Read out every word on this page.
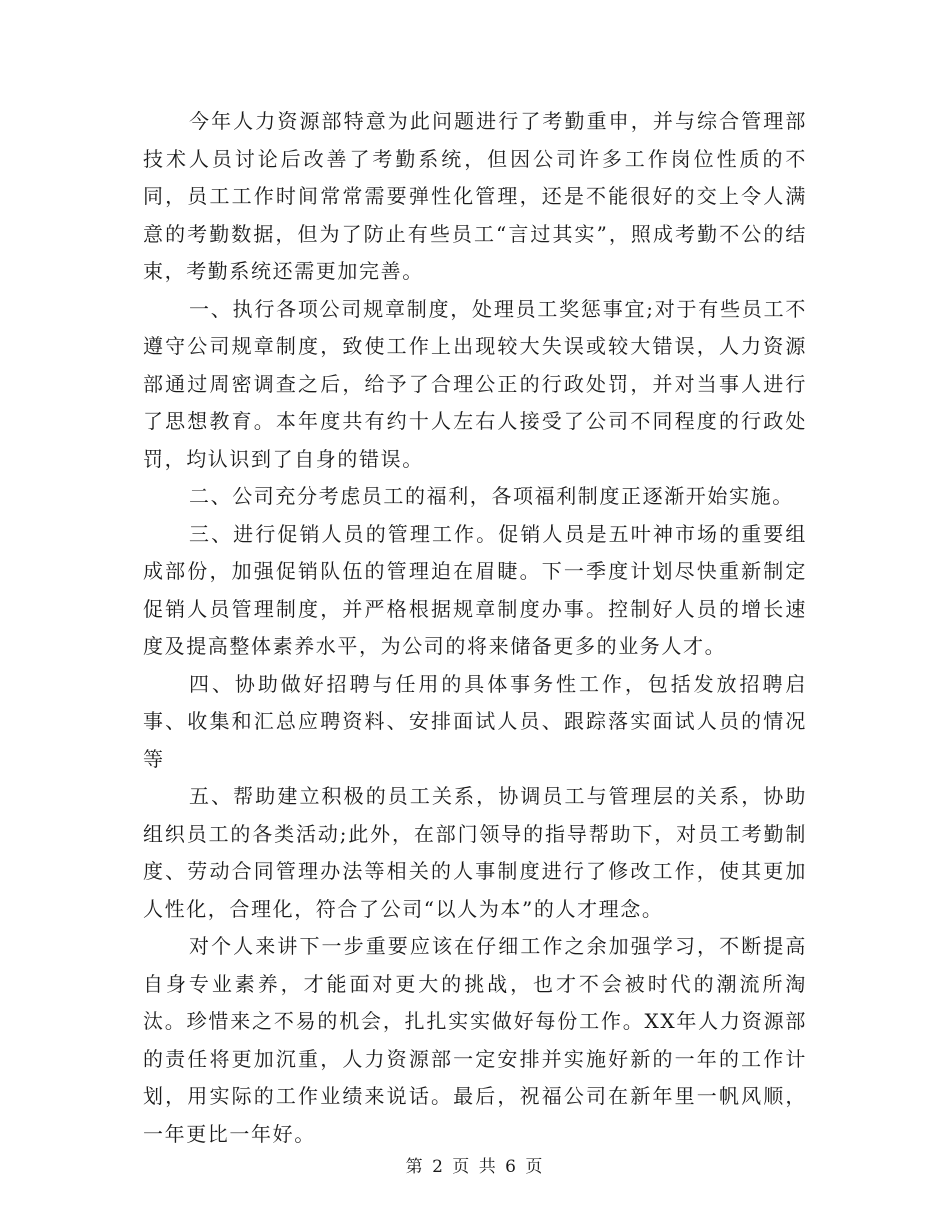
今年人力资源部特意为此问题进行了考勤重申，并与综合管理部技术人员讨论后改善了考勤系统，但因公司许多工作岗位性质的不同，员工工作时间常常需要弹性化管理，还是不能很好的交上令人满意的考勤数据，但为了防止有些员工“言过其实”，照成考勤不公的结束，考勤系统还需更加完善。

一、执行各项公司规章制度，处理员工奖惩事宜;对于有些员工不遵守公司规章制度，致使工作上出现较大失误或较大错误，人力资源部通过周密调查之后，给予了合理公正的行政处罚，并对当事人进行了思想教育。本年度共有约十人左右人接受了公司不同程度的行政处罚，均认识到了自身的错误。

二、公司充分考虑员工的福利，各项福利制度正逐渐开始实施。

三、进行促销人员的管理工作。促销人员是五叶神市场的重要组成部份，加强促销队伍的管理迫在眉睫。下一季度计划尽快重新制定促销人员管理制度，并严格根据规章制度办事。控制好人员的增长速度及提高整体素养水平，为公司的将来储备更多的业务人才。

四、协助做好招聘与任用的具体事务性工作，包括发放招聘启事、收集和汇总应聘资料、安排面试人员、跟踪落实面试人员的情况等

五、帮助建立积极的员工关系，协调员工与管理层的关系，协助组织员工的各类活动;此外，在部门领导的指导帮助下，对员工考勤制度、劳动合同管理办法等相关的人事制度进行了修改工作，使其更加人性化，合理化，符合了公司“以人为本”的人才理念。

对个人来讲下一步重要应该在仔细工作之余加强学习，不断提高自身专业素养，才能面对更大的挑战，也才不会被时代的潮流所淘汰。珍惜来之不易的机会，扎扎实实做好每份工作。XX年人力资源部的责任将更加沉重，人力资源部一定安排并实施好新的一年的工作计划，用实际的工作业绩来说话。最后，祝福公司在新年里一帆风顺，一年更比一年好。

第 2 页 共 6 页
